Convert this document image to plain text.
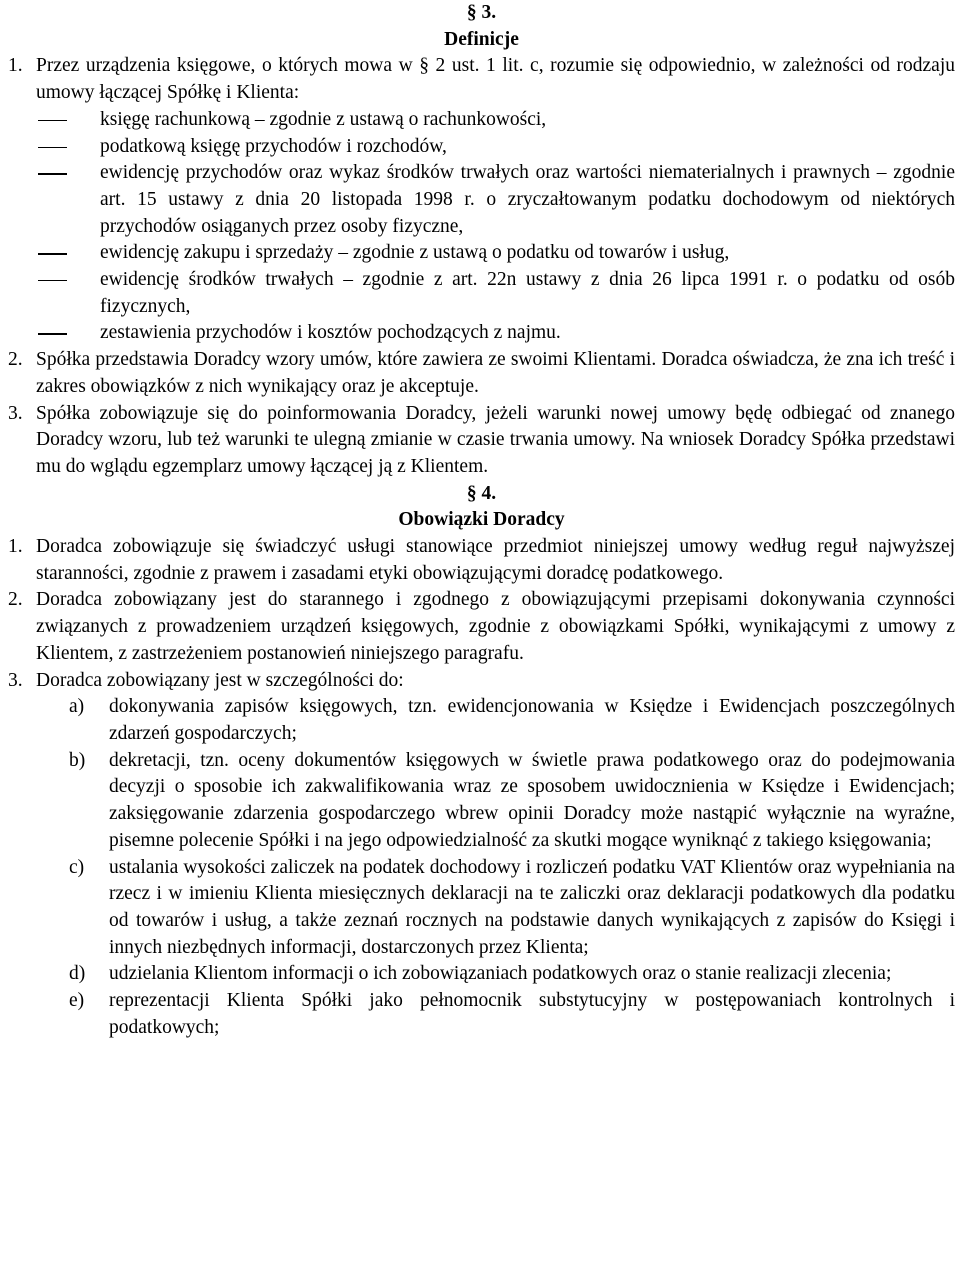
§ 3.

Definicje

1. Przez urządzenia księgowe, o których mowa w § 2 ust. 1 lit. c, rozumie się odpowiednio, w zależności od rodzaju umowy łączącej Spółkę i Klienta:
księgę rachunkową – zgodnie z ustawą o rachunkowości,
podatkową księgę przychodów i rozchodów,
ewidencję przychodów oraz wykaz środków trwałych oraz wartości niematerialnych i prawnych – zgodnie art. 15 ustawy z dnia 20 listopada 1998 r. o zryczałtowanym podatku dochodowym od niektórych przychodów osiąganych przez osoby fizyczne,
ewidencję zakupu i sprzedaży – zgodnie z ustawą o podatku od towarów i usług,
ewidencję środków trwałych – zgodnie z art. 22n ustawy z dnia 26 lipca 1991 r. o podatku od osób fizycznych,
zestawienia przychodów i kosztów pochodzących z najmu.
2. Spółka przedstawia Doradcy wzory umów, które zawiera ze swoimi Klientami. Doradca oświadcza, że zna ich treść i zakres obowiązków z nich wynikający oraz je akceptuje.
3. Spółka zobowiązuje się do poinformowania Doradcy, jeżeli warunki nowej umowy będę odbiegać od znanego Doradcy wzoru, lub też warunki te ulegną zmianie w czasie trwania umowy. Na wniosek Doradcy Spółka przedstawi mu do wglądu egzemplarz umowy łączącej ją z Klientem.

§ 4.

Obowiązki Doradcy

1. Doradca zobowiązuje się świadczyć usługi stanowiące przedmiot niniejszej umowy według reguł najwyższej staranności, zgodnie z prawem i zasadami etyki obowiązującymi doradcę podatkowego.
2. Doradca zobowiązany jest do starannego i zgodnego z obowiązującymi przepisami dokonywania czynności związanych z prowadzeniem urządzeń księgowych, zgodnie z obowiązkami Spółki, wynikającymi z umowy z Klientem, z zastrzeżeniem postanowień niniejszego paragrafu.
3. Doradca zobowiązany jest w szczególności do:
a) dokonywania zapisów księgowych, tzn. ewidencjonowania w Księdze i Ewidencjach poszczególnych zdarzeń gospodarczych;
b) dekretacji, tzn. oceny dokumentów księgowych w świetle prawa podatkowego oraz do podejmowania decyzji o sposobie ich zakwalifikowania wraz ze sposobem uwidocznienia w Księdze i Ewidencjach; zaksięgowanie zdarzenia gospodarczego wbrew opinii Doradcy może nastąpić wyłącznie na wyraźne, pisemne polecenie Spółki i na jego odpowiedzialność za skutki mogące wyniknąć z takiego księgowania;
c) ustalania wysokości zaliczek na podatek dochodowy i rozliczeń podatku VAT Klientów oraz wypełniania na rzecz i w imieniu Klienta miesięcznych deklaracji na te zaliczki oraz deklaracji podatkowych dla podatku od towarów i usług, a także zeznań rocznych na podstawie danych wynikających z zapisów do Księgi i innych niezbędnych informacji, dostarczonych przez Klienta;
d) udzielania Klientom informacji o ich zobowiązaniach podatkowych oraz o stanie realizacji zlecenia;
e) reprezentacji Klienta Spółki jako pełnomocnik substytucyjny w postępowaniach kontrolnych i podatkowych;
